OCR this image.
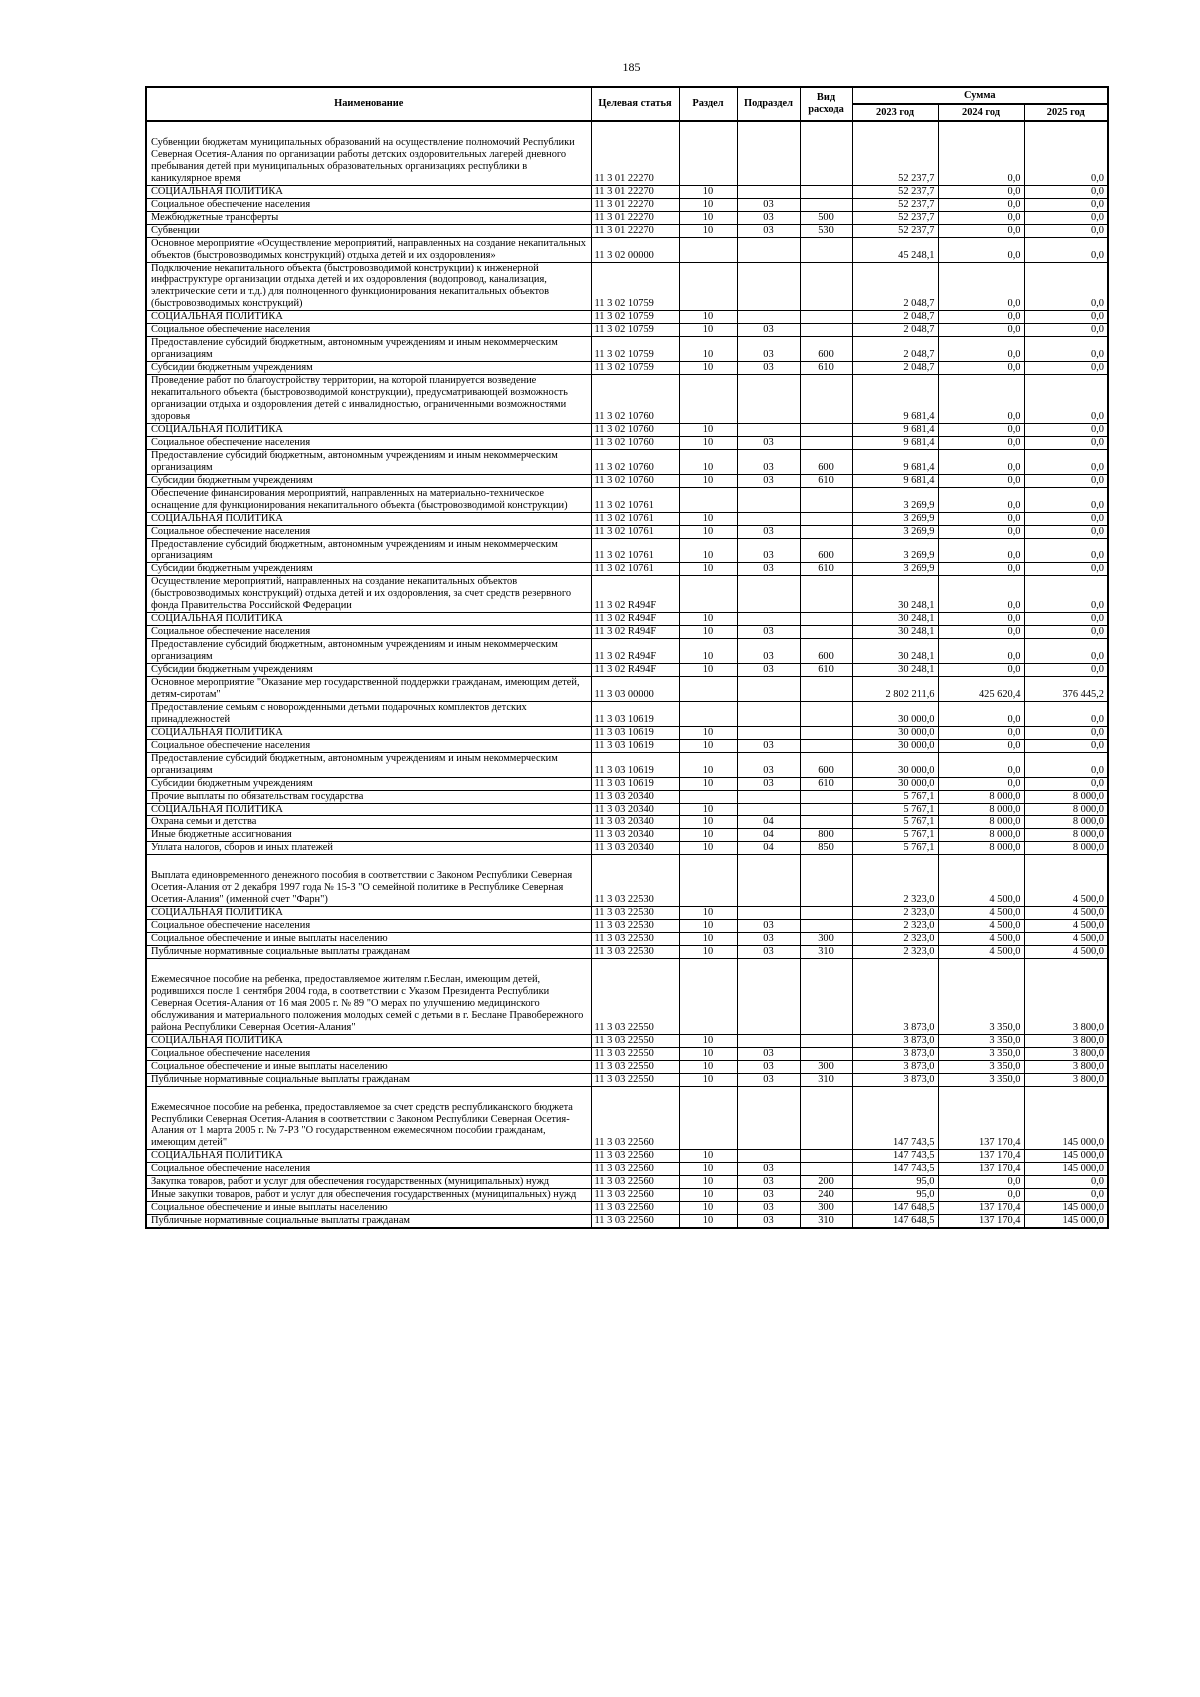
185
Наименование	Целевая статья	Раздел	Подраздел	Вид расхода	Сумма		
					2023 год	2024 год	2025 год
Субвенции бюджетам муниципальных образований на осуществление полномочий Республики Северная Осетия-Алания по организации работы детских оздоровительных лагерей дневного пребывания детей при муниципальных образовательных организациях республики в каникулярное время	11 3 01 22270				52 237,7	0,0	0,0
СОЦИАЛЬНАЯ ПОЛИТИКА	11 3 01 22270	10			52 237,7	0,0	0,0
Социальное обеспечение населения	11 3 01 22270	10	03		52 237,7	0,0	0,0
Межбюджетные трансферты	11 3 01 22270	10	03	500	52 237,7	0,0	0,0
Субвенции	11 3 01 22270	10	03	530	52 237,7	0,0	0,0
Основное мероприятие «Осуществление мероприятий, направленных на создание некапитальных объектов (быстровозводимых конструкций) отдыха детей и их оздоровления»	11 3 02 00000				45 248,1	0,0	0,0
Подключение некапитального объекта (быстровозводимой конструкции) к инженерной инфраструктуре организации отдыха детей и их оздоровления (водопровод, канализация, электрические сети и т.д.) для полноценного функционирования некапитальных объектов (быстровозводимых конструкций)	11 3 02 10759				2 048,7	0,0	0,0
СОЦИАЛЬНАЯ ПОЛИТИКА	11 3 02 10759	10			2 048,7	0,0	0,0
Социальное обеспечение населения	11 3 02 10759	10	03		2 048,7	0,0	0,0
Предоставление субсидий бюджетным, автономным учреждениям и иным некоммерческим организациям	11 3 02 10759	10	03	600	2 048,7	0,0	0,0
Субсидии бюджетным учреждениям	11 3 02 10759	10	03	610	2 048,7	0,0	0,0
Проведение работ по благоустройству территории, на которой планируется возведение некапитального объекта (быстровозводимой конструкции), предусматривающей возможность организации отдыха и оздоровления детей с инвалидностью, ограниченными возможностями здоровья	11 3 02 10760				9 681,4	0,0	0,0
СОЦИАЛЬНАЯ ПОЛИТИКА	11 3 02 10760	10			9 681,4	0,0	0,0
Социальное обеспечение населения	11 3 02 10760	10	03		9 681,4	0,0	0,0
Предоставление субсидий бюджетным, автономным учреждениям и иным некоммерческим организациям	11 3 02 10760	10	03	600	9 681,4	0,0	0,0
Субсидии бюджетным учреждениям	11 3 02 10760	10	03	610	9 681,4	0,0	0,0
Обеспечение финансирования мероприятий, направленных на материально-техническое оснащение для функционирования некапитального объекта (быстровозводимой конструкции)	11 3 02 10761				3 269,9	0,0	0,0
СОЦИАЛЬНАЯ ПОЛИТИКА	11 3 02 10761	10			3 269,9	0,0	0,0
Социальное обеспечение населения	11 3 02 10761	10	03		3 269,9	0,0	0,0
Предоставление субсидий бюджетным, автономным учреждениям и иным некоммерческим организациям	11 3 02 10761	10	03	600	3 269,9	0,0	0,0
Субсидии бюджетным учреждениям	11 3 02 10761	10	03	610	3 269,9	0,0	0,0
Осуществление мероприятий, направленных на создание некапитальных объектов (быстровозводимых конструкций) отдыха детей и их оздоровления, за счет средств резервного фонда Правительства Российской Федерации	11 3 02 R494F				30 248,1	0,0	0,0
СОЦИАЛЬНАЯ ПОЛИТИКА	11 3 02 R494F	10			30 248,1	0,0	0,0
Социальное обеспечение населения	11 3 02 R494F	10	03		30 248,1	0,0	0,0
Предоставление субсидий бюджетным, автономным учреждениям и иным некоммерческим организациям	11 3 02 R494F	10	03	600	30 248,1	0,0	0,0
Субсидии бюджетным учреждениям	11 3 02 R494F	10	03	610	30 248,1	0,0	0,0
Основное мероприятие "Оказание мер государственной поддержки гражданам, имеющим детей, детям-сиротам"	11 3 03 00000				2 802 211,6	425 620,4	376 445,2
Предоставление семьям с новорожденными детьми подарочных комплектов детских принадлежностей	11 3 03 10619				30 000,0	0,0	0,0
СОЦИАЛЬНАЯ ПОЛИТИКА	11 3 03 10619	10			30 000,0	0,0	0,0
Социальное обеспечение населения	11 3 03 10619	10	03		30 000,0	0,0	0,0
Предоставление субсидий бюджетным, автономным учреждениям и иным некоммерческим организациям	11 3 03 10619	10	03	600	30 000,0	0,0	0,0
Субсидии бюджетным учреждениям	11 3 03 10619	10	03	610	30 000,0	0,0	0,0
Прочие выплаты по обязательствам государства	11 3 03 20340				5 767,1	8 000,0	8 000,0
СОЦИАЛЬНАЯ ПОЛИТИКА	11 3 03 20340	10			5 767,1	8 000,0	8 000,0
Охрана семьи и детства	11 3 03 20340	10	04		5 767,1	8 000,0	8 000,0
Иные бюджетные ассигнования	11 3 03 20340	10	04	800	5 767,1	8 000,0	8 000,0
Уплата налогов, сборов и иных платежей	11 3 03 20340	10	04	850	5 767,1	8 000,0	8 000,0
Выплата единовременного денежного пособия в соответствии с Законом Республики Северная Осетия-Алания от 2 декабря 1997 года № 15-З "О семейной политике в Республике Северная Осетия-Алания" (именной счет "Фарн")	11 3 03 22530				2 323,0	4 500,0	4 500,0
СОЦИАЛЬНАЯ ПОЛИТИКА	11 3 03 22530	10			2 323,0	4 500,0	4 500,0
Социальное обеспечение населения	11 3 03 22530	10	03		2 323,0	4 500,0	4 500,0
Социальное обеспечение и иные выплаты населению	11 3 03 22530	10	03	300	2 323,0	4 500,0	4 500,0
Публичные нормативные социальные выплаты гражданам	11 3 03 22530	10	03	310	2 323,0	4 500,0	4 500,0
Ежемесячное пособие на ребенка, предоставляемое жителям г.Беслан, имеющим детей, родившихся после 1 сентября 2004 года, в соответствии с Указом Президента Республики Северная Осетия-Алания от 16 мая 2005 г. № 89 "О мерах по улучшению медицинского обслуживания и материального положения молодых семей с детьми в г. Беслане Правобережного района Республики Северная Осетия-Алания"	11 3 03 22550				3 873,0	3 350,0	3 800,0
СОЦИАЛЬНАЯ ПОЛИТИКА	11 3 03 22550	10			3 873,0	3 350,0	3 800,0
Социальное обеспечение населения	11 3 03 22550	10	03		3 873,0	3 350,0	3 800,0
Социальное обеспечение и иные выплаты населению	11 3 03 22550	10	03	300	3 873,0	3 350,0	3 800,0
Публичные нормативные социальные выплаты гражданам	11 3 03 22550	10	03	310	3 873,0	3 350,0	3 800,0
Ежемесячное пособие на ребенка, предоставляемое за счет средств республиканского бюджета Республики Северная Осетия-Алания в соответствии с Законом Республики Северная Осетия-Алания от 1 марта 2005 г. № 7-РЗ "О государственном ежемесячном пособии гражданам, имеющим детей"	11 3 03 22560				147 743,5	137 170,4	145 000,0
СОЦИАЛЬНАЯ ПОЛИТИКА	11 3 03 22560	10			147 743,5	137 170,4	145 000,0
Социальное обеспечение населения	11 3 03 22560	10	03		147 743,5	137 170,4	145 000,0
Закупка товаров, работ и услуг для обеспечения государственных (муниципальных) нужд	11 3 03 22560	10	03	200	95,0	0,0	0,0
Иные закупки товаров, работ и услуг для обеспечения государственных (муниципальных) нужд	11 3 03 22560	10	03	240	95,0	0,0	0,0
Социальное обеспечение и иные выплаты населению	11 3 03 22560	10	03	300	147 648,5	137 170,4	145 000,0
Публичные нормативные социальные выплаты гражданам	11 3 03 22560	10	03	310	147 648,5	137 170,4	145 000,0
